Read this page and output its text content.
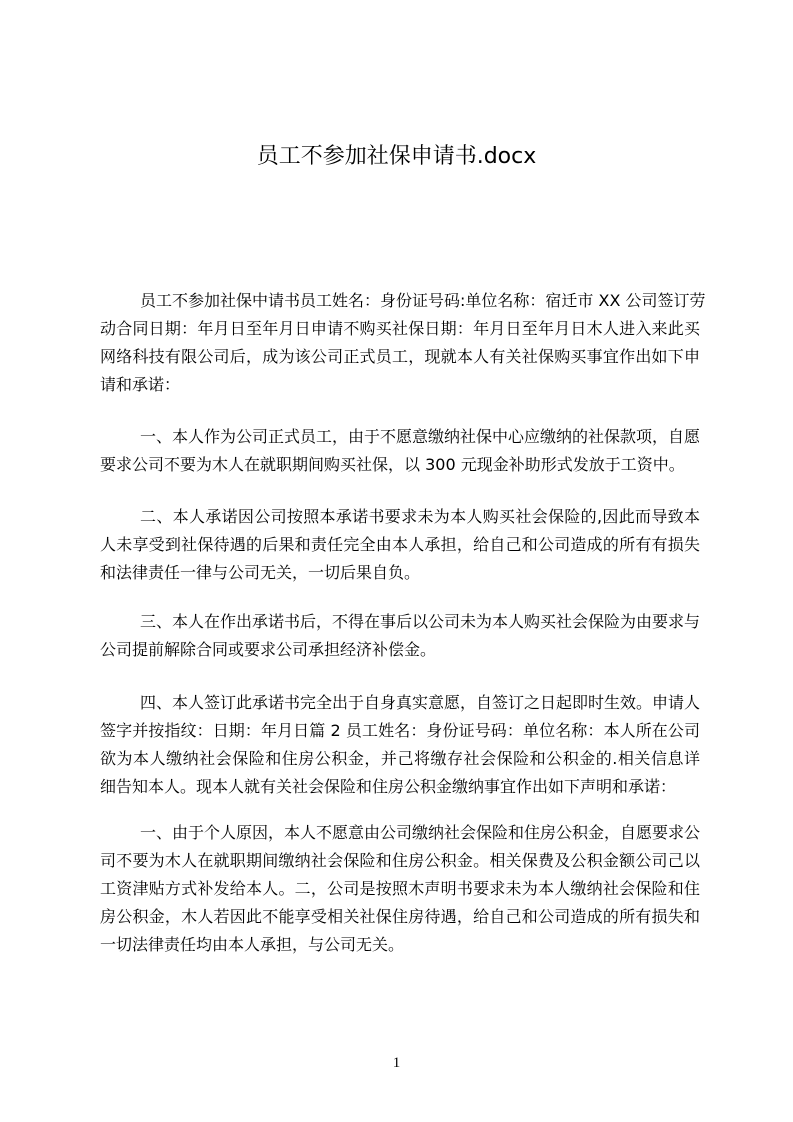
员工不参加社保申请书.docx
员工不参加社保中请书员工姓名：身份证号码:单位名称：宿迁市 XX 公司签订劳
动合同日期：年月日至年月日申请不购买社保日期：年月日至年月日木人进入来此买
网络科技有限公司后，成为该公司正式员工，现就本人有关社保购买事宜作出如下申
请和承诺：
一、本人作为公司正式员工，由于不愿意缴纳社保中心应缴纳的社保款项，自愿
要求公司不要为木人在就职期间购买社保，以 300 元现金补助形式发放于工资中。
二、本人承诺因公司按照本承诺书要求未为本人购买社会保险的,因此而导致本
人未享受到社保待遇的后果和责任完全由本人承担，给自己和公司造成的所有有损失
和法律责任一律与公司无关，一切后果自负。
三、本人在作出承诺书后，不得在事后以公司未为本人购买社会保险为由要求与
公司提前解除合同或要求公司承担经济补偿金。
四、本人签订此承诺书完全出于自身真实意愿，自签订之日起即时生效。申请人
签字并按指纹：日期：年月日篇 2 员工姓名：身份证号码：单位名称：本人所在公司
欲为本人缴纳社会保险和住房公积金，并己将缴存社会保险和公积金的.相关信息详
细告知本人。现本人就有关社会保险和住房公积金缴纳事宜作出如下声明和承诺：
一、由于个人原因，本人不愿意由公司缴纳社会保险和住房公积金，自愿要求公
司不要为木人在就职期间缴纳社会保险和住房公积金。相关保费及公积金额公司己以
工资津贴方式补发给本人。二，公司是按照木声明书要求未为本人缴纳社会保险和住
房公积金，木人若因此不能享受相关社保住房待遇，给自己和公司造成的所有损失和
一切法律责任均由本人承担，与公司无关。
1
